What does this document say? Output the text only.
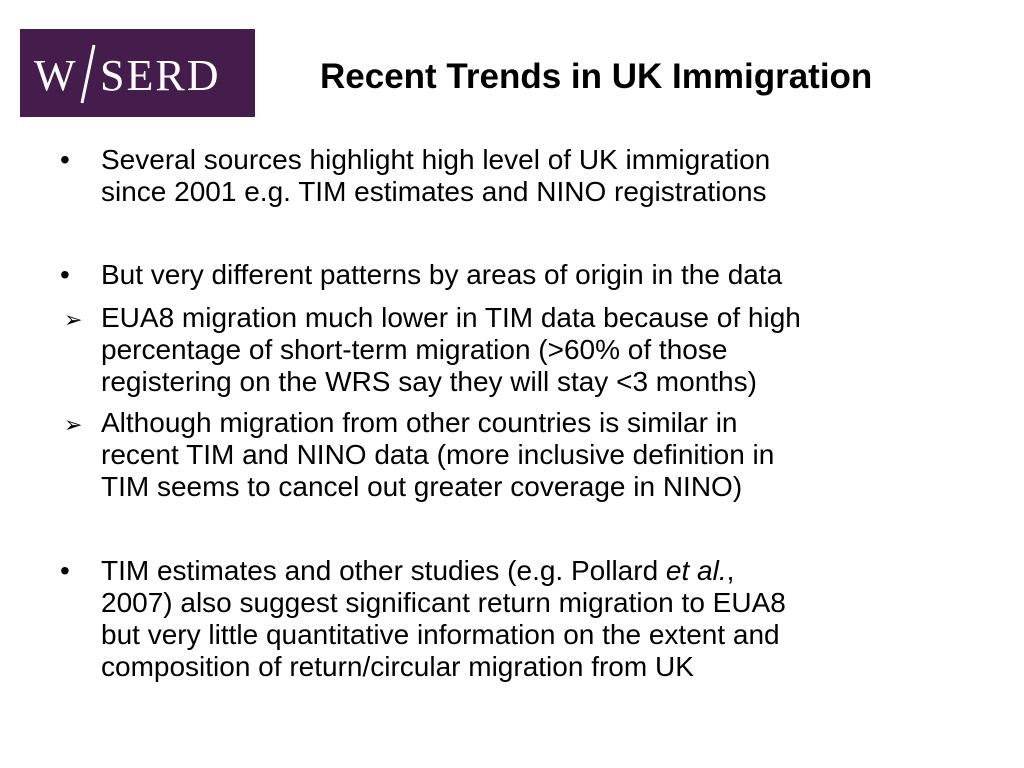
W SERD	Recent Trends in UK Immigration
•	Several sources highlight high level of UK immigration
since 2001 e.g. TIM estimates and NINO registrations
•	But very different patterns by areas of origin in the data
➢ EUA8 migration much lower in TIM data because of high
percentage of short-term migration (>60% of those
registering on the WRS say they will stay <3 months)
➢ Although migration from other countries is similar in
recent TIM and NINO data (more inclusive definition in
TIM seems to cancel out greater coverage in NINO)
•	TIM estimates and other studies (e.g. Pollard et al.,
2007) also suggest significant return migration to EUA8
but very little quantitative information on the extent and
composition of return/circular migration from UK
